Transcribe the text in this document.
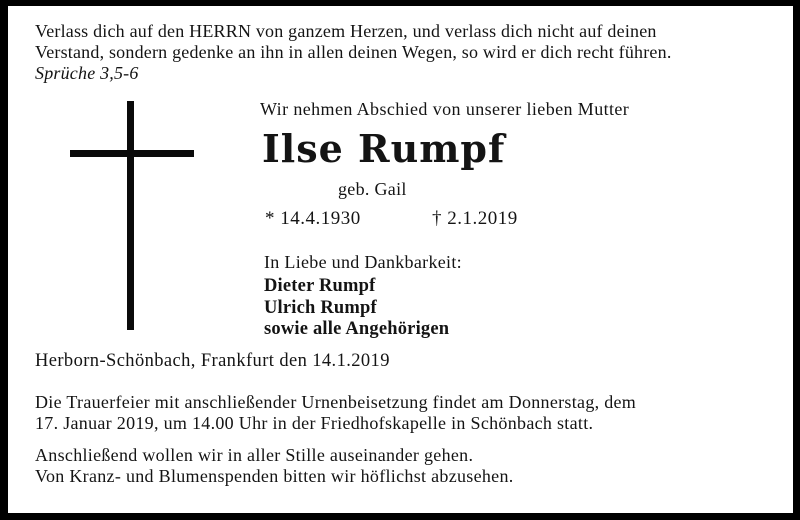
Verlass dich auf den HERRN von ganzem Herzen, und verlass dich nicht auf deinen
Verstand, sondern gedenke an ihn in allen deinen Wegen, so wird er dich recht führen.
Sprüche 3,5-6
Wir nehmen Abschied von unserer lieben Mutter
Ilse Rumpf
geb. Gail
* 14.4.1930	† 2.1.2019
In Liebe und Dankbarkeit:
Dieter Rumpf
Ulrich Rumpf
sowie alle Angehörigen
Herborn-Schönbach, Frankfurt den 14.1.2019
Die Trauerfeier mit anschließender Urnenbeisetzung findet am Donnerstag, dem
17. Januar 2019, um 14.00 Uhr in der Friedhofskapelle in Schönbach statt.
Anschließend wollen wir in aller Stille auseinander gehen.
Von Kranz- und Blumenspenden bitten wir höflichst abzusehen.
